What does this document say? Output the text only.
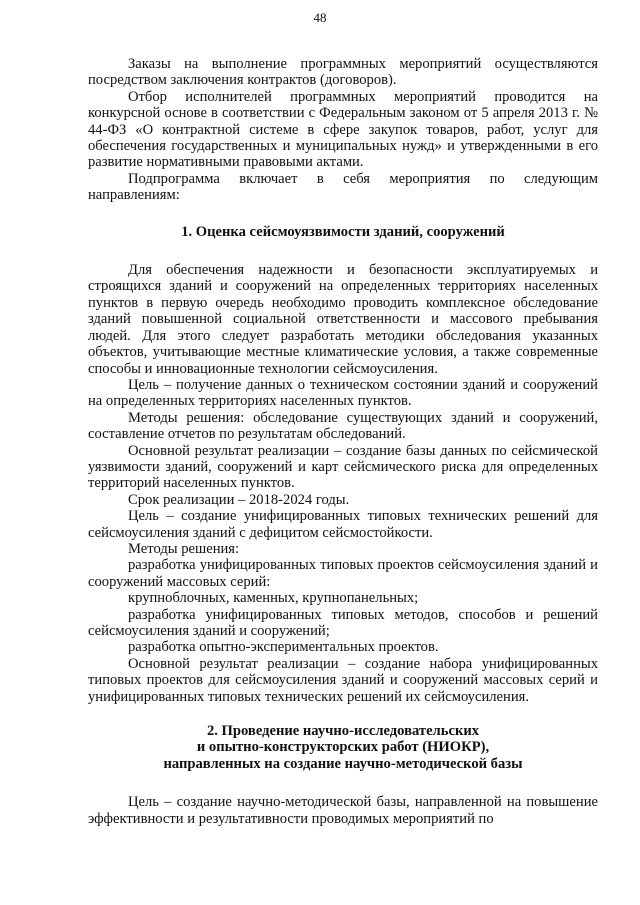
48

Заказы на выполнение программных мероприятий осуществляются посредством заключения контрактов (договоров).

Отбор исполнителей программных мероприятий проводится на конкурсной основе в соответствии с Федеральным законом от 5 апреля 2013 г. № 44-ФЗ «О контрактной системе в сфере закупок товаров, работ, услуг для обеспечения государственных и муниципальных нужд» и утвержденными в его развитие нормативными правовыми актами.

Подпрограмма включает в себя мероприятия по следующим направлениям:

1. Оценка сейсмоуязвимости зданий, сооружений

Для обеспечения надежности и безопасности эксплуатируемых и строящихся зданий и сооружений на определенных территориях населенных пунктов в первую очередь необходимо проводить комплексное обследование зданий повышенной социальной ответственности и массового пребывания людей. Для этого следует разработать методики обследования указанных объектов, учитывающие местные климатические условия, а также современные способы и инновационные технологии сейсмоусиления.

Цель – получение данных о техническом состоянии зданий и сооружений на определенных территориях населенных пунктов.

Методы решения: обследование существующих зданий и сооружений, составление отчетов по результатам обследований.

Основной результат реализации – создание базы данных по сейсмической уязвимости зданий, сооружений и карт сейсмического риска для определенных территорий населенных пунктов.

Срок реализации – 2018-2024 годы.

Цель – создание унифицированных типовых технических решений для сейсмоусиления зданий с дефицитом сейсмостойкости.

Методы решения:

разработка унифицированных типовых проектов сейсмоусиления зданий и сооружений массовых серий:

крупноблочных, каменных, крупнопанельных;

разработка унифицированных типовых методов, способов и решений сейсмоусиления зданий и сооружений;

разработка опытно-экспериментальных проектов.

Основной результат реализации – создание набора унифицированных типовых проектов для сейсмоусиления зданий и сооружений массовых серий и унифицированных типовых технических решений их сейсмоусиления.

2. Проведение научно-исследовательских
и опытно-конструкторских работ (НИОКР),
направленных на создание научно-методической базы

Цель – создание научно-методической базы, направленной на повышение эффективности и результативности проводимых мероприятий по
